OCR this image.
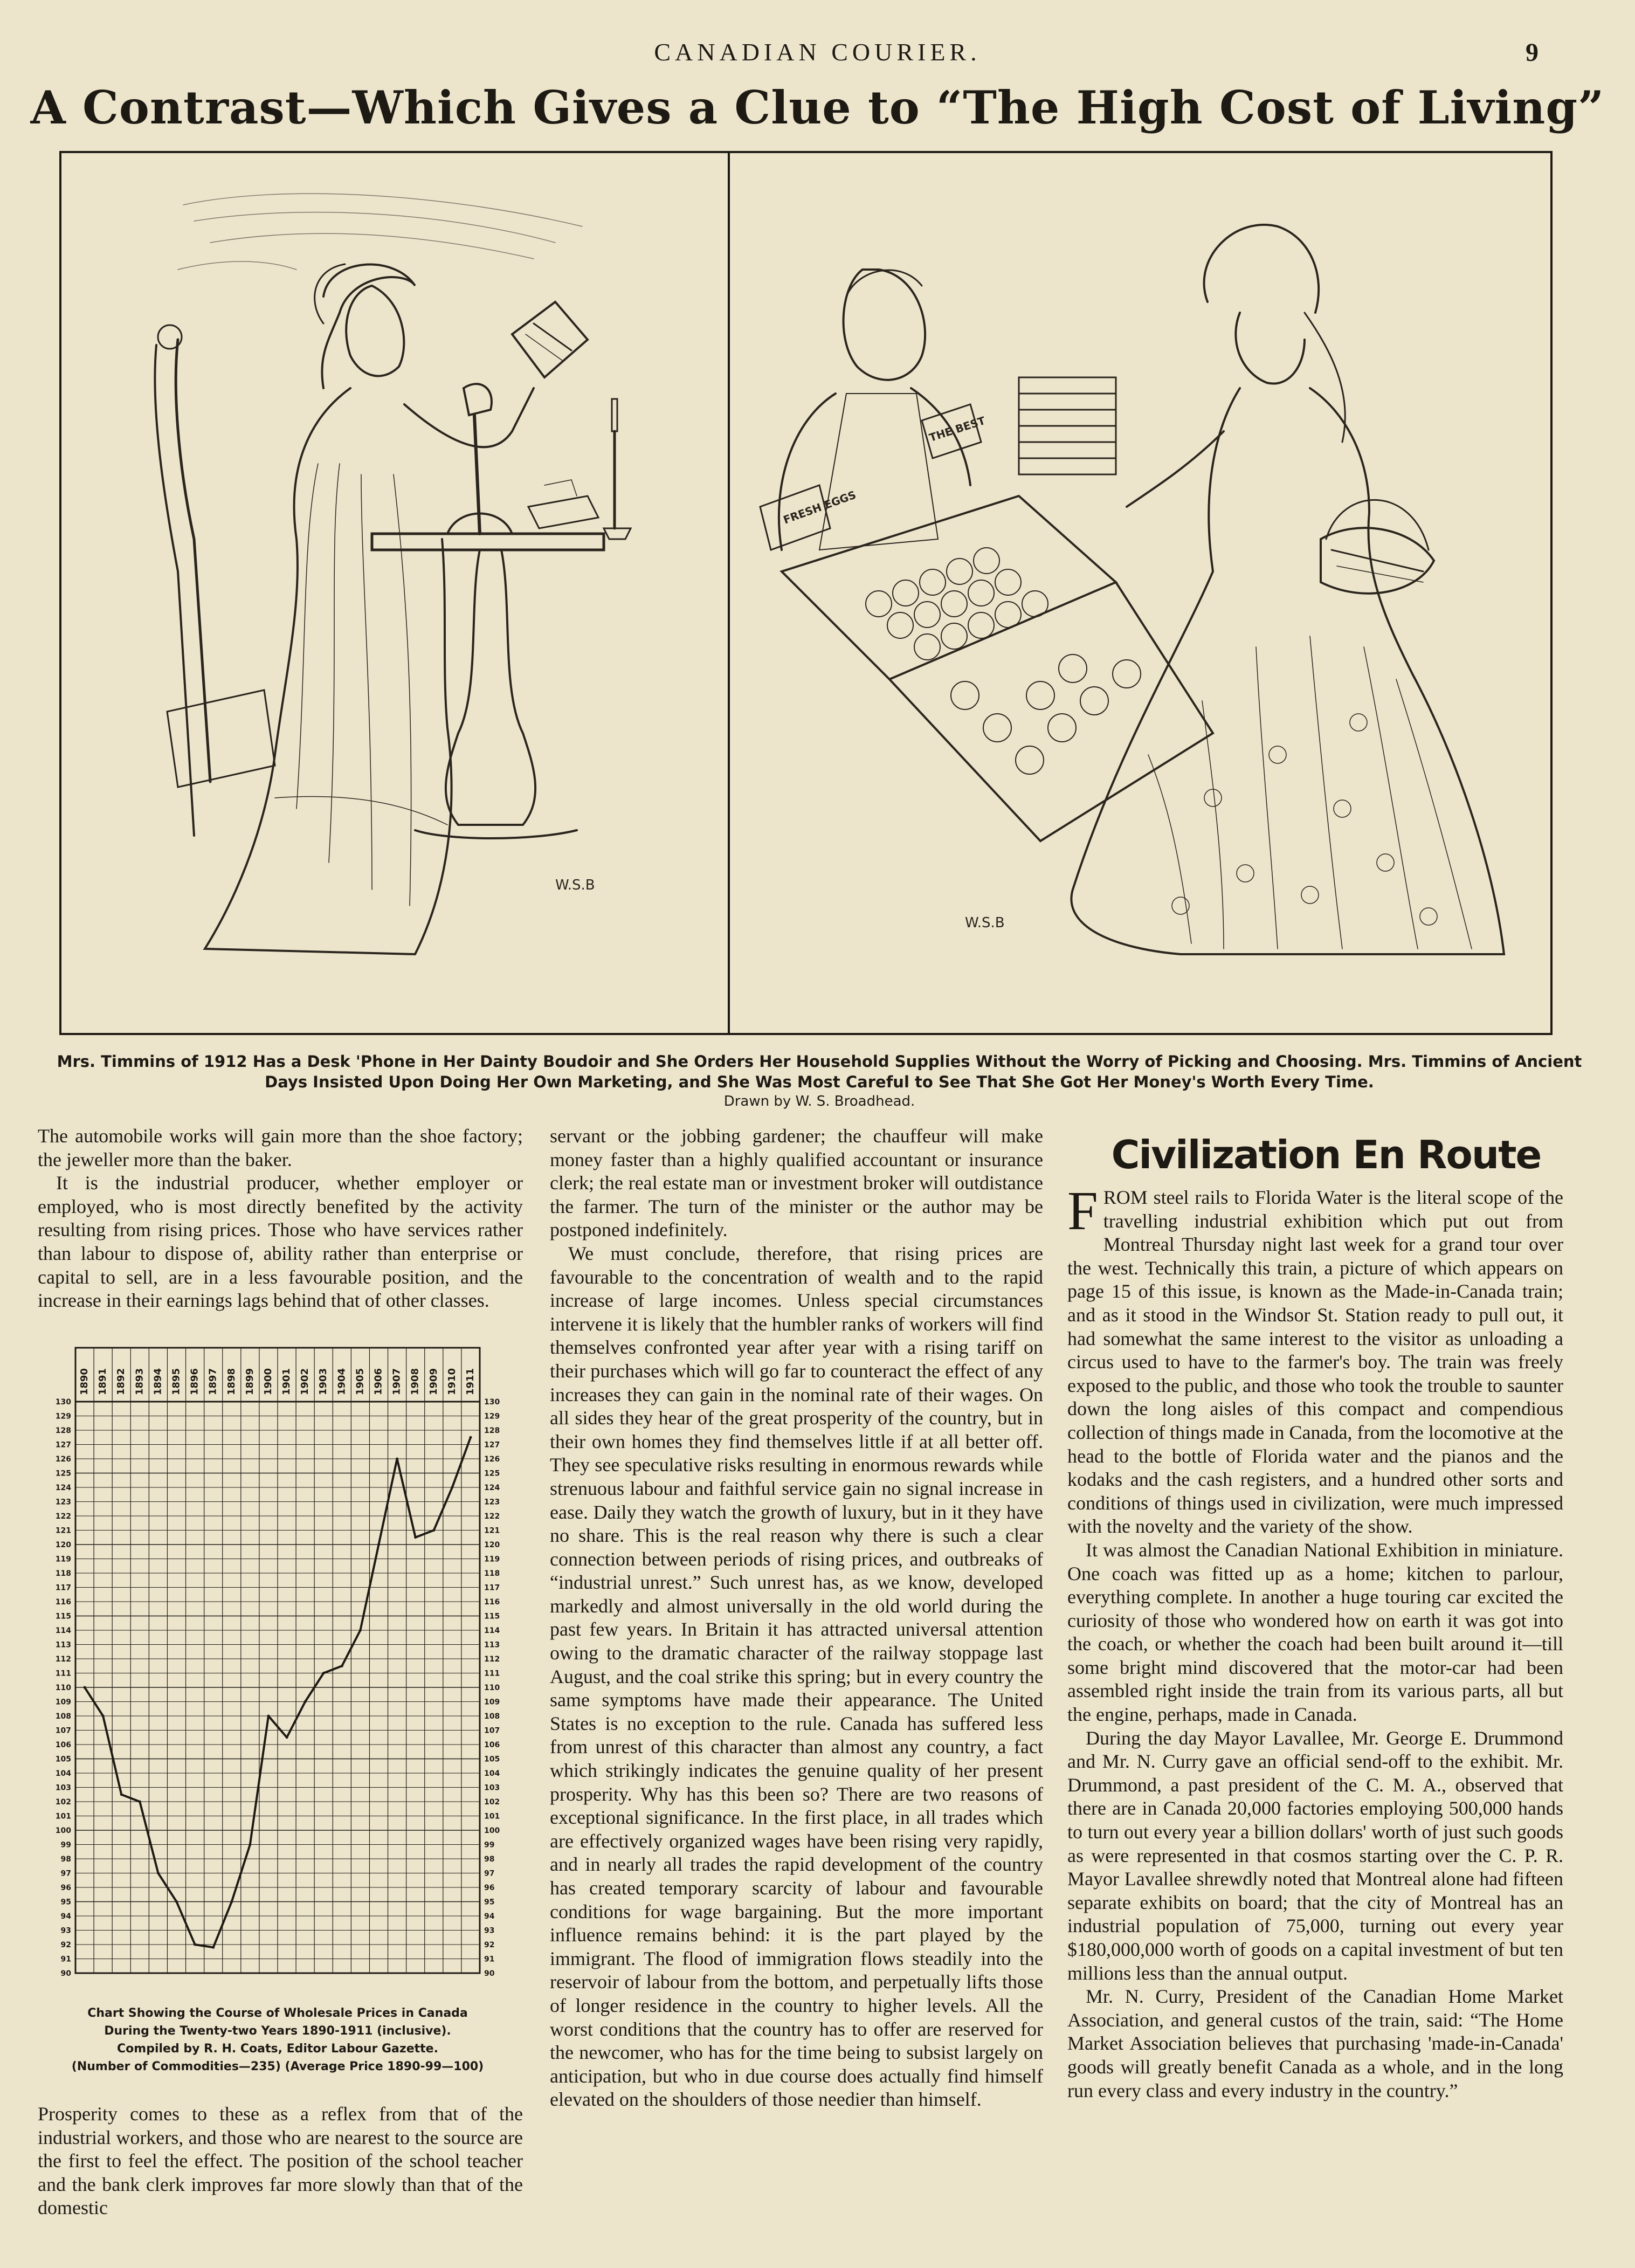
CANADIAN COURIER.	9
A Contrast—Which Gives a Clue to “The High Cost of Living”
W.S.B
FRESH EGGS
THE BEST
W.S.B
Mrs. Timmins of 1912 Has a Desk 'Phone in Her Dainty Boudoir and She Orders Her Household Supplies Without the Worry of Picking and Choosing. Mrs. Timmins of Ancient Days Insisted Upon Doing Her Own Marketing, and She Was Most Careful to See That She Got Her Money's Worth Every Time.
Drawn by W. S. Broadhead.

The automobile works will gain more than the shoe factory; the jeweller more than the baker.

It is the industrial producer, whether employer or employed, who is most directly benefited by the activity resulting from rising prices. Those who have services rather than labour to dispose of, ability rather than enterprise or capital to sell, are in a less favourable position, and the increase in their earnings lags behind that of other classes.

1890 1891 1892 1893 1894 1895 1896 1897 1898 1899 1900 1901 1902 1903 1904 1905 1906 1907 1908 1909 1910 1911
90	90
91	91
92	92
93	93
94	94
95	95
96	96
97	97
98	98
99	99
100	100
101	101
102	102
103	103
104	104
105	105
106	106
107	107
108	108
109	109
110	110
111	111
112	112
113	113
114	114
115	115
116	116
117	117
118	118
119	119
120	120
121	121
122	122
123	123
124	124
125	125
126	126
127	127
128	128
129	129
130	130
Chart Showing the Course of Wholesale Prices in Canada
During the Twenty-two Years 1890-1911 (inclusive).
Compiled by R. H. Coats, Editor Labour Gazette.
(Number of Commodities—235) (Average Price 1890-99—100)

Prosperity comes to these as a reflex from that of the industrial workers, and those who are nearest to the source are the first to feel the effect. The position of the school teacher and the bank clerk improves far more slowly than that of the domestic

servant or the jobbing gardener; the chauffeur will make money faster than a highly qualified accountant or insurance clerk; the real estate man or investment broker will outdistance the farmer. The turn of the minister or the author may be postponed indefinitely.

We must conclude, therefore, that rising prices are favourable to the concentration of wealth and to the rapid increase of large incomes. Unless special circumstances intervene it is likely that the humbler ranks of workers will find themselves confronted year after year with a rising tariff on their purchases which will go far to counteract the effect of any increases they can gain in the nominal rate of their wages. On all sides they hear of the great prosperity of the country, but in their own homes they find themselves little if at all better off. They see speculative risks resulting in enormous rewards while strenuous labour and faithful service gain no signal increase in ease. Daily they watch the growth of luxury, but in it they have no share. This is the real reason why there is such a clear connection between periods of rising prices, and outbreaks of “industrial unrest.” Such unrest has, as we know, developed markedly and almost universally in the old world during the past few years. In Britain it has attracted universal attention owing to the dramatic character of the railway stoppage last August, and the coal strike this spring; but in every country the same symptoms have made their appearance. The United States is no exception to the rule. Canada has suffered less from unrest of this character than almost any country, a fact which strikingly indicates the genuine quality of her present prosperity. Why has this been so? There are two reasons of exceptional significance. In the first place, in all trades which are effectively organized wages have been rising very rapidly, and in nearly all trades the rapid development of the country has created temporary scarcity of labour and favourable conditions for wage bargaining. But the more important influence remains behind: it is the part played by the immigrant. The flood of immigration flows steadily into the reservoir of labour from the bottom, and perpetually lifts those of longer residence in the country to higher levels. All the worst conditions that the country has to offer are reserved for the newcomer, who has for the time being to subsist largely on anticipation, but who in due course does actually find himself elevated on the shoulders of those needier than himself.

Civilization En Route

FROM steel rails to Florida Water is the literal scope of the travelling industrial exhibition which put out from Montreal Thursday night last week for a grand tour over the west. Technically this train, a picture of which appears on page 15 of this issue, is known as the Made-in-Canada train; and as it stood in the Windsor St. Station ready to pull out, it had somewhat the same interest to the visitor as unloading a circus used to have to the farmer's boy. The train was freely exposed to the public, and those who took the trouble to saunter down the long aisles of this compact and compendious collection of things made in Canada, from the locomotive at the head to the bottle of Florida water and the pianos and the kodaks and the cash registers, and a hundred other sorts and conditions of things used in civilization, were much impressed with the novelty and the variety of the show.

It was almost the Canadian National Exhibition in miniature. One coach was fitted up as a home; kitchen to parlour, everything complete. In another a huge touring car excited the curiosity of those who wondered how on earth it was got into the coach, or whether the coach had been built around it—till some bright mind discovered that the motor-car had been assembled right inside the train from its various parts, all but the engine, perhaps, made in Canada.

During the day Mayor Lavallee, Mr. George E. Drummond and Mr. N. Curry gave an official send-off to the exhibit. Mr. Drummond, a past president of the C. M. A., observed that there are in Canada 20,000 factories employing 500,000 hands to turn out every year a billion dollars' worth of just such goods as were represented in that cosmos starting over the C. P. R. Mayor Lavallee shrewdly noted that Montreal alone had fifteen separate exhibits on board; that the city of Montreal has an industrial population of 75,000, turning out every year $180,000,000 worth of goods on a capital investment of but ten millions less than the annual output.

Mr. N. Curry, President of the Canadian Home Market Association, and general custos of the train, said: “The Home Market Association believes that purchasing 'made-in-Canada' goods will greatly benefit Canada as a whole, and in the long run every class and every industry in the country.”
